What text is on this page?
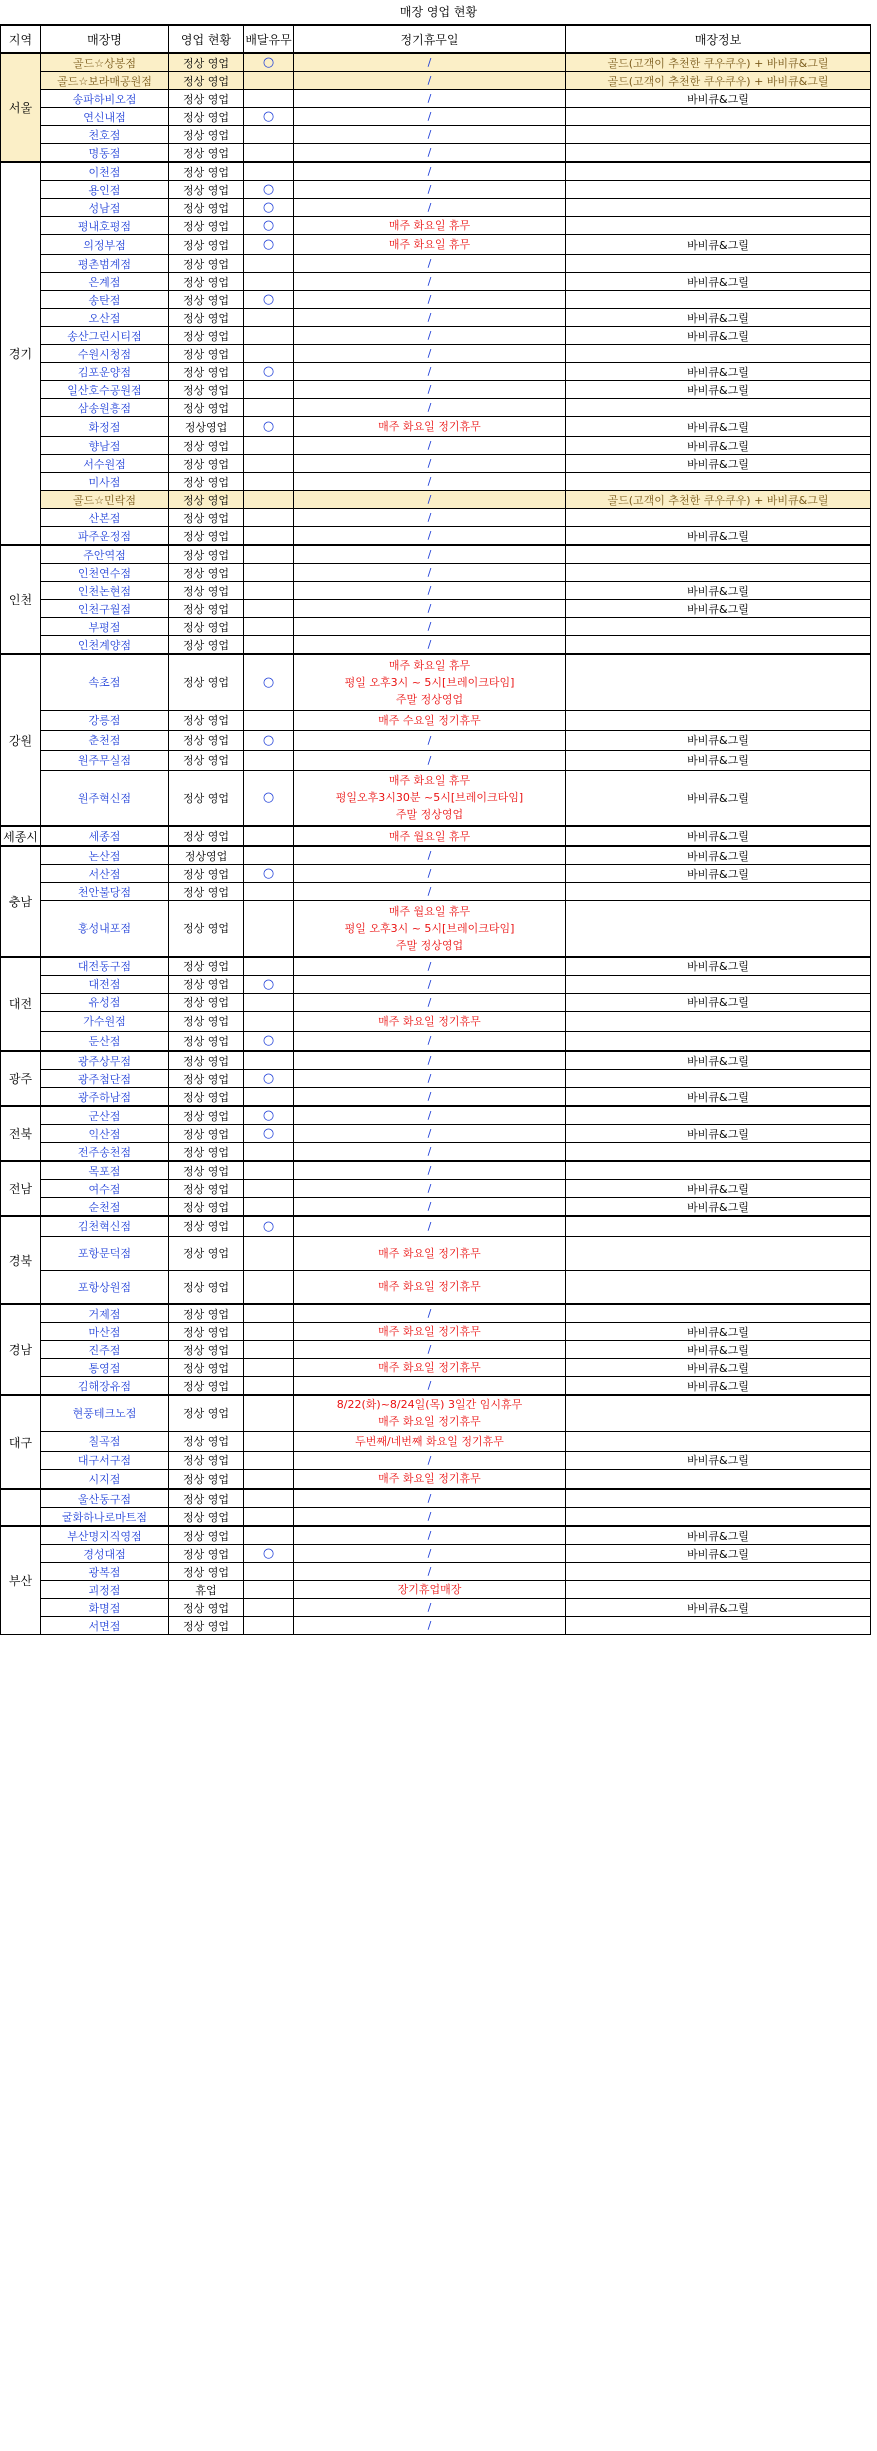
매장 영업 현황
지역	매장명	영업 현황	배달유무	정기휴무일	매장정보
서울	골드☆상봉점	정상 영업	○	/	골드(고객이 추천한 쿠우쿠우) + 바비큐&그릴
	골드☆보라매공원점	정상 영업		/	골드(고객이 추천한 쿠우쿠우) + 바비큐&그릴
	송파하비오점	정상 영업		/	바비큐&그릴
	연신내점	정상 영업	○	/	
	천호점	정상 영업		/	
	명동점	정상 영업		/	
경기	이천점	정상 영업		/	
	용인점	정상 영업	○	/	
	성남점	정상 영업	○	/	
	평내호평점	정상 영업	○	매주 화요일 휴무	

	의정부점	정상 영업	○	매주 화요일 휴무	바비큐&그릴
	평촌범계점	정상 영업		/	
	은계점	정상 영업		/	바비큐&그릴
	송탄점	정상 영업	○	/	
	오산점	정상 영업		/	바비큐&그릴
	송산그린시티점	정상 영업		/	바비큐&그릴
	수원시청점	정상 영업		/	
	김포운양점	정상 영업	○	/	바비큐&그릴
	일산호수공원점	정상 영업		/	바비큐&그릴
	삼송원흥점	정상 영업		/	
	화정점	정상영업	○	매주 화요일 정기휴무	바비큐&그릴
	향남점	정상 영업		/	바비큐&그릴
	서수원점	정상 영업		/	바비큐&그릴
	미사점	정상 영업		/	
	골드☆민락점	정상 영업		/	골드(고객이 추천한 쿠우쿠우) + 바비큐&그릴
	산본점	정상 영업		/	
	파주운정점	정상 영업		/	바비큐&그릴
인천	주안역점	정상 영업		/	
	인천연수점	정상 영업		/	
	인천논현점	정상 영업		/	바비큐&그릴
	인천구월점	정상 영업		/	바비큐&그릴
	부평점	정상 영업		/	
	인천계양점	정상 영업		/	
강원	속초점	정상 영업	○	매주 화요일 휴무
평일 오후3시 ~ 5시[브레이크타임]
주말 정상영업	

	강릉점	정상 영업		매주 수요일 정기휴무	

	춘천점	정상 영업	○	/	바비큐&그릴
	원주무실점	정상 영업		/	바비큐&그릴
	원주혁신점	정상 영업	○	매주 화요일 휴무
평일오후3시30분 ~5시[브레이크타임]
주말 정상영업	바비큐&그릴
세종시	세종점	정상 영업		매주 월요일 휴무	바비큐&그릴
충남	논산점	정상영업		/	바비큐&그릴
	서산점	정상 영업	○	/	바비큐&그릴
	천안불당점	정상 영업		/	
	홍성내포점	정상 영업		매주 월요일 휴무
평일 오후3시 ~ 5시[브레이크타임]
주말 정상영업	

대전	대전동구점	정상 영업		/	바비큐&그릴
	대전점	정상 영업	○	/	
	유성점	정상 영업		/	바비큐&그릴
	가수원점	정상 영업		매주 화요일 정기휴무	

	둔산점	정상 영업	○	/	
광주	광주상무점	정상 영업		/	바비큐&그릴
	광주첨단점	정상 영업	○	/	
	광주하남점	정상 영업		/	바비큐&그릴
전북	군산점	정상 영업	○	/	
	익산점	정상 영업	○	/	바비큐&그릴
	전주송천점	정상 영업		/	
전남	목포점	정상 영업		/	
	여수점	정상 영업		/	바비큐&그릴
	순천점	정상 영업		/	바비큐&그릴
경북	김천혁신점	정상 영업	○	/	
	포항문덕점	정상 영업		매주 화요일 정기휴무	

	포항상원점	정상 영업		매주 화요일 정기휴무	

경남	거제점	정상 영업		/	
	마산점	정상 영업		매주 화요일 정기휴무	바비큐&그릴
	진주점	정상 영업		/	바비큐&그릴
	통영점	정상 영업		매주 화요일 정기휴무	바비큐&그릴
	김해장유점	정상 영업		/	바비큐&그릴
대구	현풍테크노점	정상 영업		8/22(화)~8/24일(목) 3일간 임시휴무
매주 화요일 정기휴무	

	칠곡점	정상 영업		두번째/네번째 화요일 정기휴무	

	대구서구점	정상 영업		/	바비큐&그릴
	시지점	정상 영업		매주 화요일 정기휴무	

	울산동구점	정상 영업		/	
	굴화하나로마트점	정상 영업		/	
부산	부산명지직영점	정상 영업		/	바비큐&그릴
	경성대점	정상 영업	○	/	바비큐&그릴
	광복점	정상 영업		/	
	괴정점	휴업		장기휴업매장	

	화명점	정상 영업		/	바비큐&그릴
	서면점	정상 영업		/	
